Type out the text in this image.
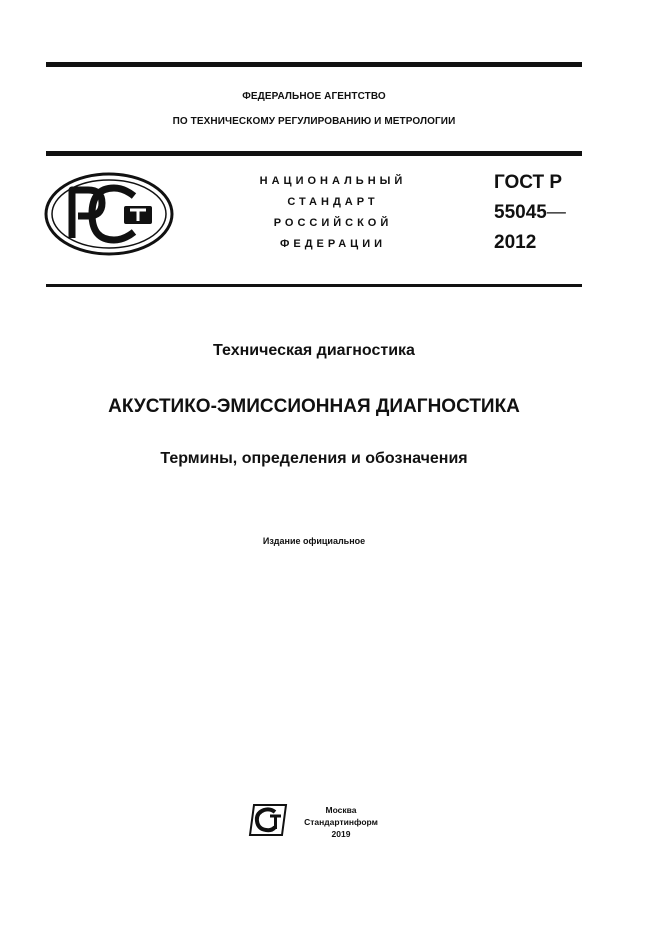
ФЕДЕРАЛЬНОЕ АГЕНТСТВО
ПО ТЕХНИЧЕСКОМУ РЕГУЛИРОВАНИЮ И МЕТРОЛОГИИ
НАЦИОНАЛЬНЫЙ
СТАНДАРТ
РОССИЙСКОЙ
ФЕДЕРАЦИИ
ГОСТ Р
55045—
2012
Техническая диагностика
АКУСТИКО-ЭМИССИОННАЯ ДИАГНОСТИКА
Термины, определения и обозначения
Издание официальное
Москва
Стандартинформ
2019
